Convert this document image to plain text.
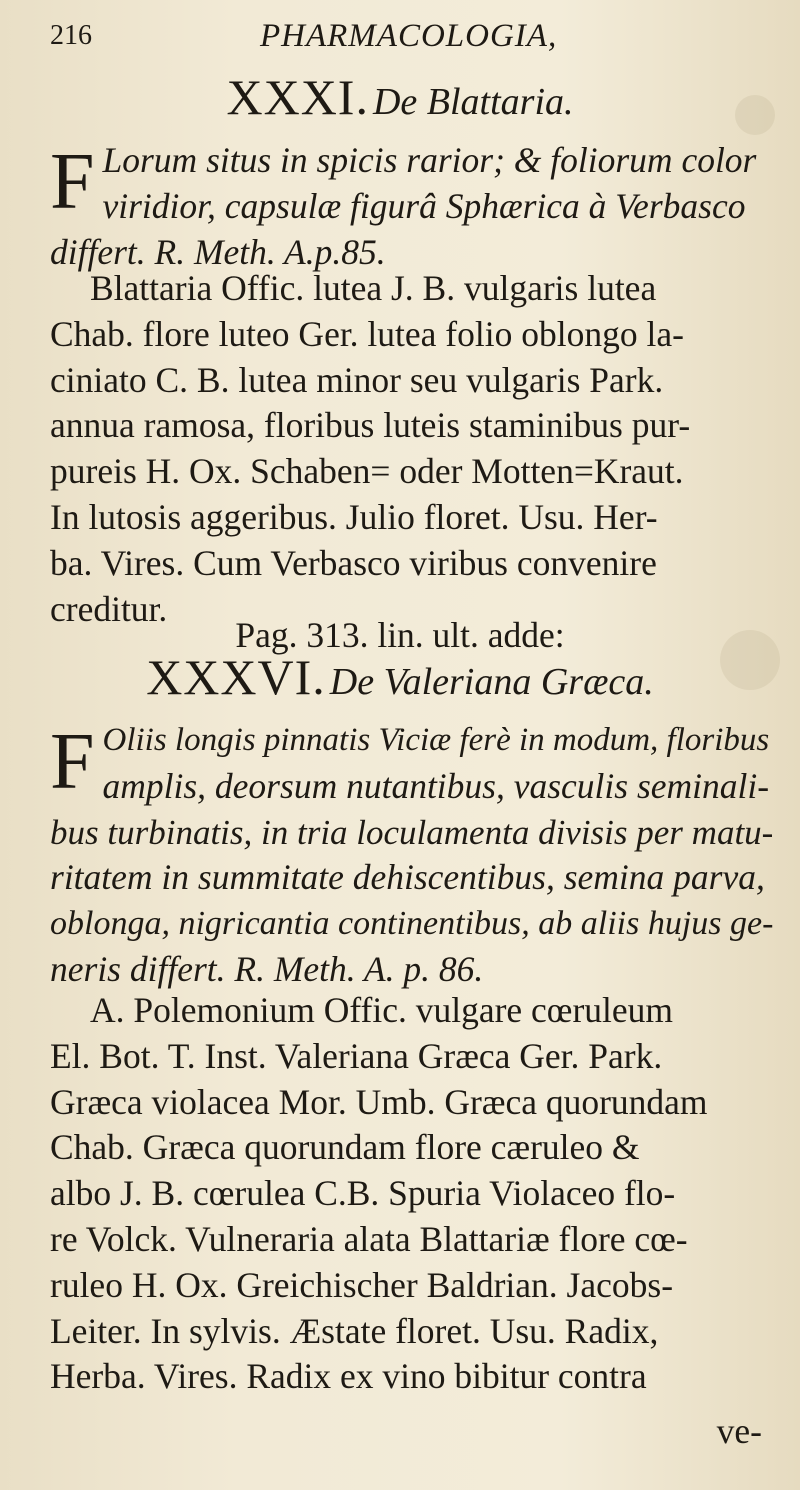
216	PHARMACOLOGIA,
XXXI. De Blattaria.
F Lorum situs in spicis rarior; & foliorum color
viridior, capsulæ figurâ Sphærica à Verbasco
differt. R. Meth. A.p.85.
Blattaria Offic. lutea J. B. vulgaris lutea
Chab. flore luteo Ger. lutea folio oblongo la-
ciniato C. B. lutea minor seu vulgaris Park.
annua ramosa, floribus luteis staminibus pur-
pureis H. Ox. Schaben= oder Motten=Kraut.
In lutosis aggeribus. Julio floret. Usu. Her-
ba. Vires. Cum Verbasco viribus convenire
creditur.
Pag. 313. lin. ult. adde:
XXXVI. De Valeriana Græca.
F Oliis longis pinnatis Viciæ ferè in modum, floribus
amplis, deorsum nutantibus, vasculis seminali-
bus turbinatis, in tria loculamenta divisis per matu-
ritatem in summitate dehiscentibus, semina parva,
oblonga, nigricantia continentibus, ab aliis hujus ge-
neris differt. R. Meth. A. p. 86.
A. Polemonium Offic. vulgare cœruleum
El. Bot. T. Inst. Valeriana Græca Ger. Park.
Græca violacea Mor. Umb. Græca quorundam
Chab. Græca quorundam flore cæruleo &
albo J. B. cœrulea C.B. Spuria Violaceo flo-
re Volck. Vulneraria alata Blattariæ flore cœ-
ruleo H. Ox. Greichischer Baldrian. Jacobs-
Leiter. In sylvis. Æstate floret. Usu. Radix,
Herba. Vires. Radix ex vino bibitur contra
ve-
